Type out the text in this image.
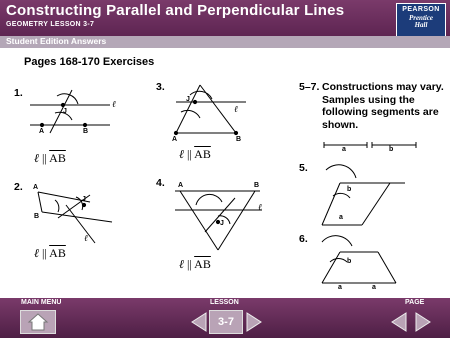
Constructing Parallel and Perpendicular Lines
GEOMETRY LESSON 3-7
PEARSON
Prentice Hall
Student Edition Answers
Pages 168-170 Exercises
1.
2.
3.
4.
5–7.
5.
6.
Constructions may vary. Samples using the following segments are shown.
ℓ || $\overline{AB}$
ℓ || $\overline{AB}$
ℓ || $\overline{AB}$
ℓ || $\overline{AB}$
A	B
J
ℓ
A
B
J
ℓ
A	B
J
ℓ
A	B
J
ℓ
a	b
b
a
b
a	a
MAIN MENU	LESSON	PAGE
3-7
